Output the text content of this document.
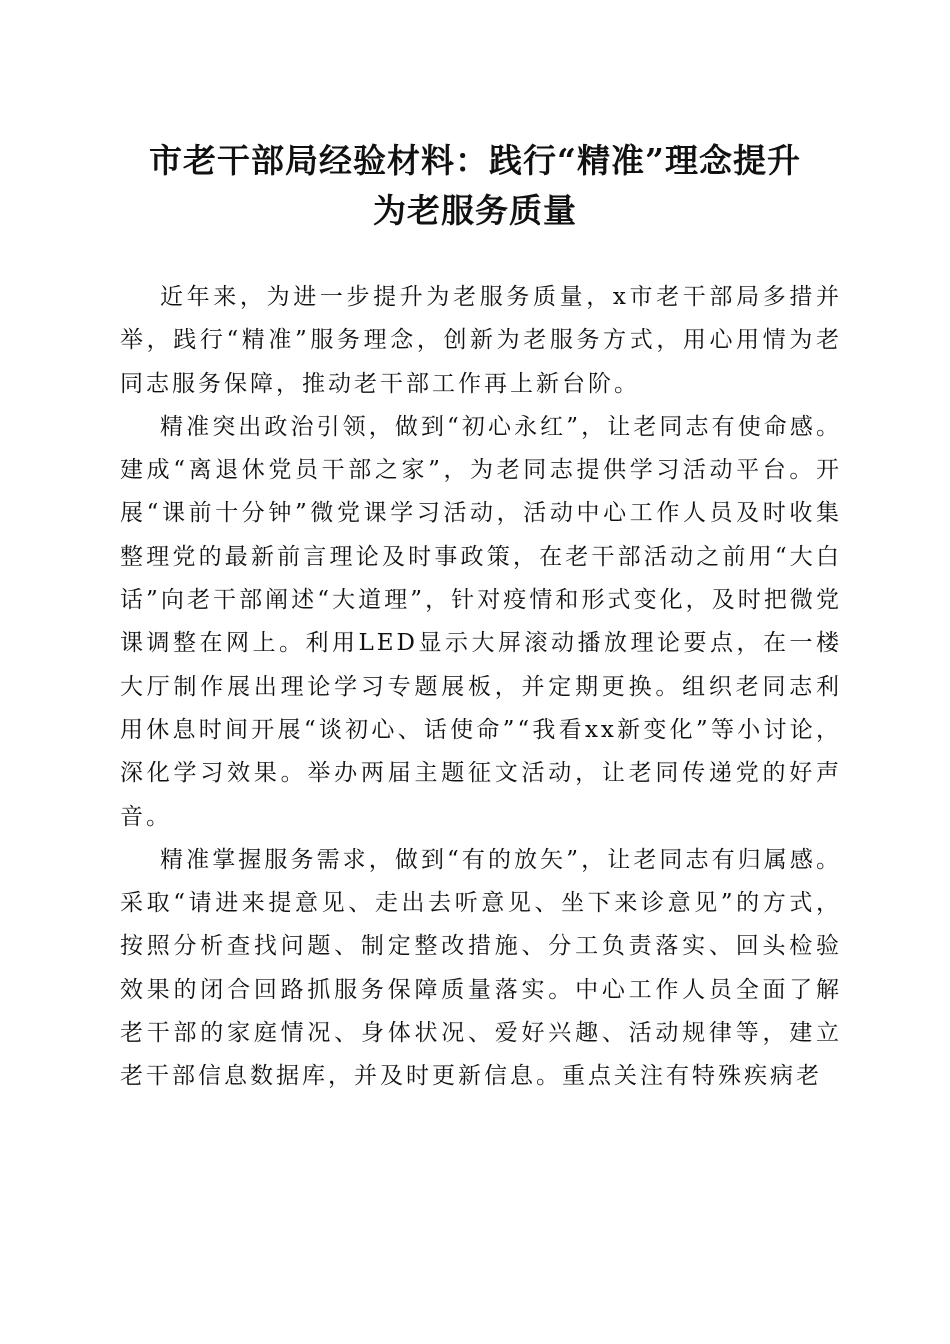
市老干部局经验材料：践行“精准”理念提升
为老服务质量

近年来，为进一步提升为老服务质量，x市老干部局多措并举，践行“精准”服务理念，创新为老服务方式，用心用情为老同志服务保障，推动老干部工作再上新台阶。

精准突出政治引领，做到“初心永红”，让老同志有使命感。建成“离退休党员干部之家”，为老同志提供学习活动平台。开展“课前十分钟”微党课学习活动，活动中心工作人员及时收集整理党的最新前言理论及时事政策，在老干部活动之前用“大白话”向老干部阐述“大道理”，针对疫情和形式变化，及时把微党课调整在网上。利用LED显示大屏滚动播放理论要点，在一楼大厅制作展出理论学习专题展板，并定期更换。组织老同志利用休息时间开展“谈初心、话使命”“我看xx新变化”等小讨论，深化学习效果。举办两届主题征文活动，让老同传递党的好声音。

精准掌握服务需求，做到“有的放矢”，让老同志有归属感。采取“请进来提意见、走出去听意见、坐下来诊意见”的方式，按照分析查找问题、制定整改措施、分工负责落实、回头检验效果的闭合回路抓服务保障质量落实。中心工作人员全面了解老干部的家庭情况、身体状况、爱好兴趣、活动规律等，建立老干部信息数据库，并及时更新信息。重点关注有特殊疾病老
